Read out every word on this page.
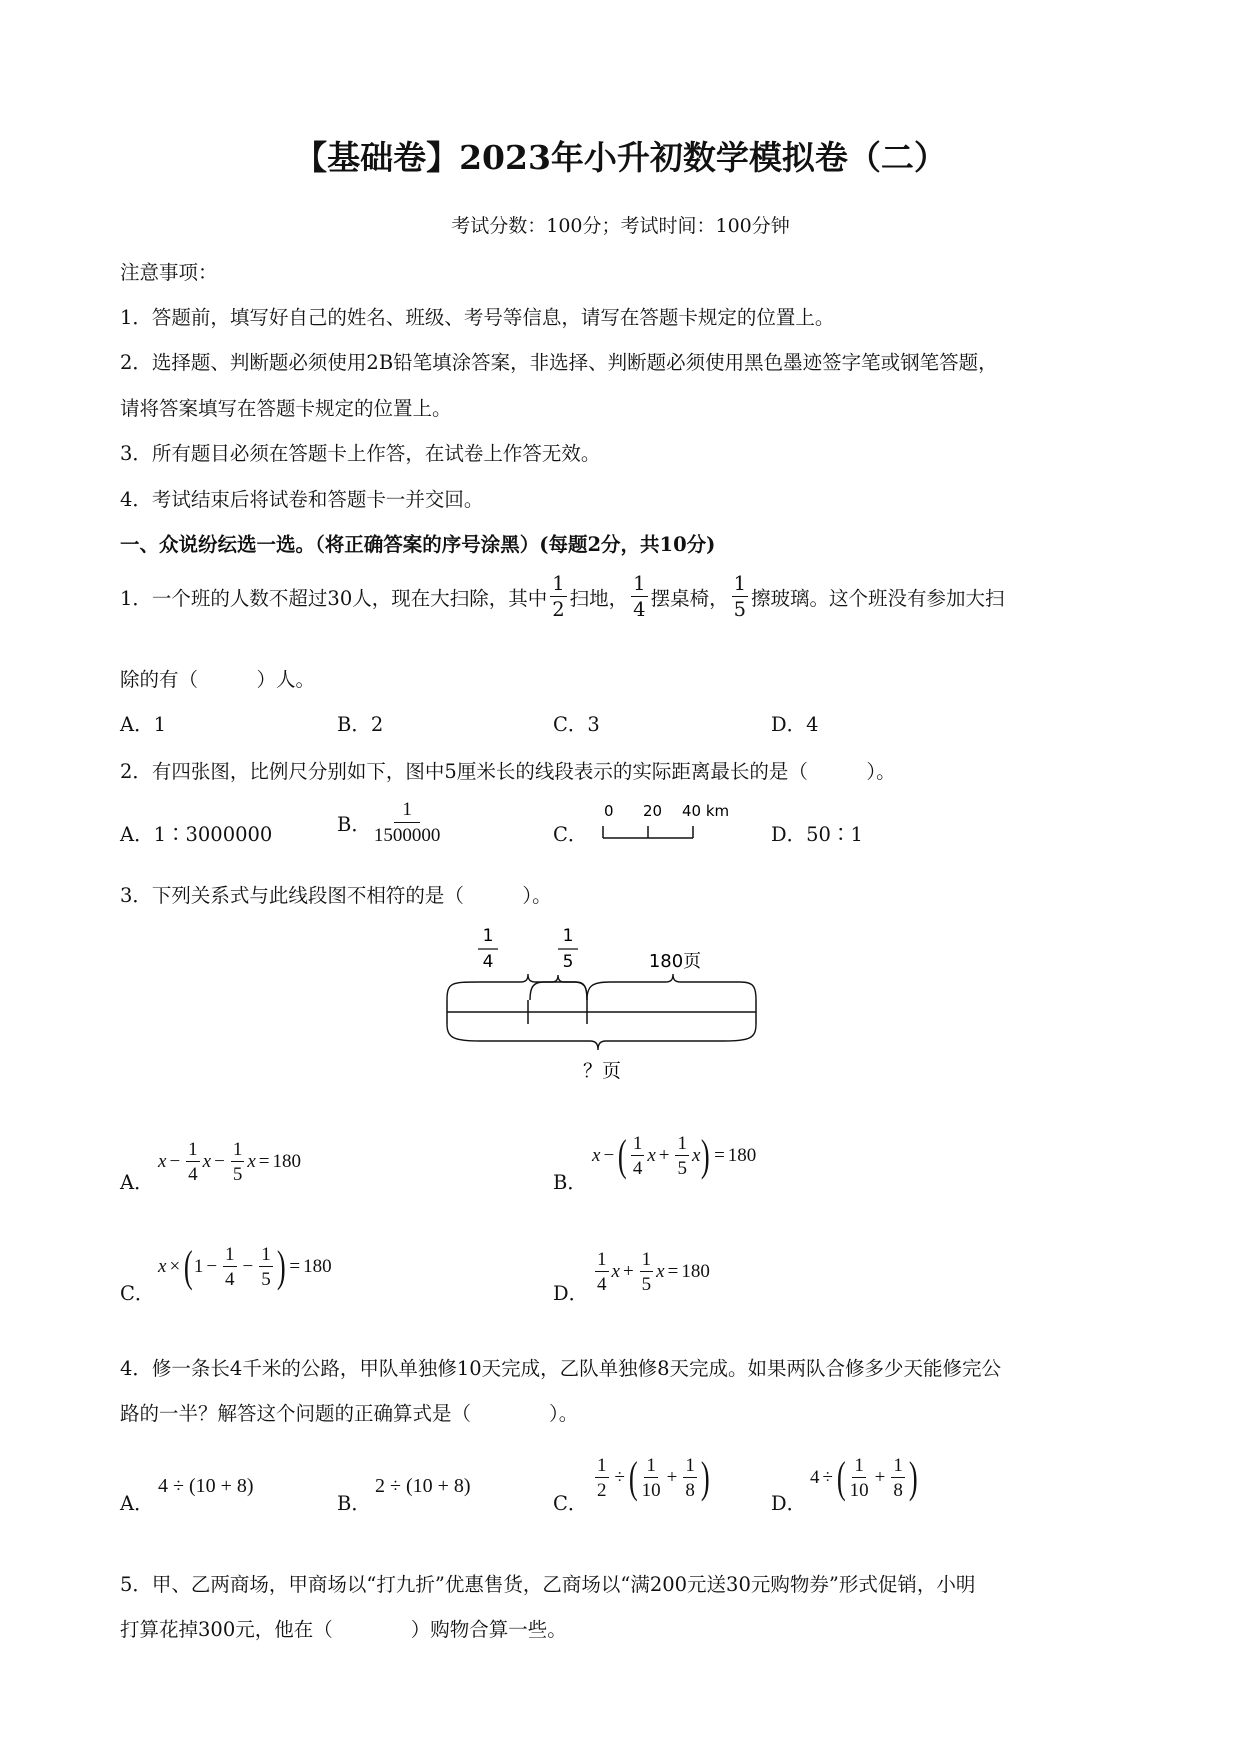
【基础卷】2023年小升初数学模拟卷（二）
考试分数：100分；考试时间：100分钟
注意事项：
1．答题前，填写好自己的姓名、班级、考号等信息，请写在答题卡规定的位置上。
2．选择题、判断题必须使用2B铅笔填涂答案，非选择、判断题必须使用黑色墨迹签字笔或钢笔答题，
请将答案填写在答题卡规定的位置上。
3．所有题目必须在答题卡上作答，在试卷上作答无效。
4．考试结束后将试卷和答题卡一并交回。
一、众说纷纭选一选。（将正确答案的序号涂黑）(每题2分，共10分)
1．一个班的人数不超过30人，现在大扫除，其中 $\frac{1}{2}$ 扫地， $\frac{1}{4}$ 摆桌椅， $\frac{1}{5}$ 擦玻璃。这个班没有参加大扫
除的有（　　　）人。
A．1	B．2	C．3	D．4
2．有四张图，比例尺分别如下，图中5厘米长的线段表示的实际距离最长的是（　　　）。
A．1∶3000000	B． $\frac{1}{1500000}$	C．
0 20 40 km
D．50∶1
3．下列关系式与此线段图不相符的是（　　　）。
1
4
1
5	180页
？页
A．
$x - \frac{1}{4}$ $x - \frac{1}{5}$ x = 180
B．
x − ( $\frac{1}{4}$ $x + \frac{1}{5}$ x ) = 180
C．
x × ( $1 - \frac{1}{4} - \frac{1}{5}$ ) = 180
D． $\frac{1}{4}$ $x + \frac{1}{5}$ x = 180
4．修一条长4千米的公路，甲队单独修10天完成，乙队单独修8天完成。如果两队合修多少天能修完公
路的一半？解答这个问题的正确算式是（　　　　）。
A．
4 ÷ (10 + 8)
B．
2 ÷ (10 + 8)
C．
$\frac{1}{2}$ ÷ ( $\frac{1}{10} + \frac{1}{8}$ )
D．
4 ÷ ( $\frac{1}{10} + \frac{1}{8}$ )
5．甲、乙两商场，甲商场以“打九折”优惠售货，乙商场以“满200元送30元购物券”形式促销，小明
打算花掉300元，他在（　　　　）购物合算一些。
